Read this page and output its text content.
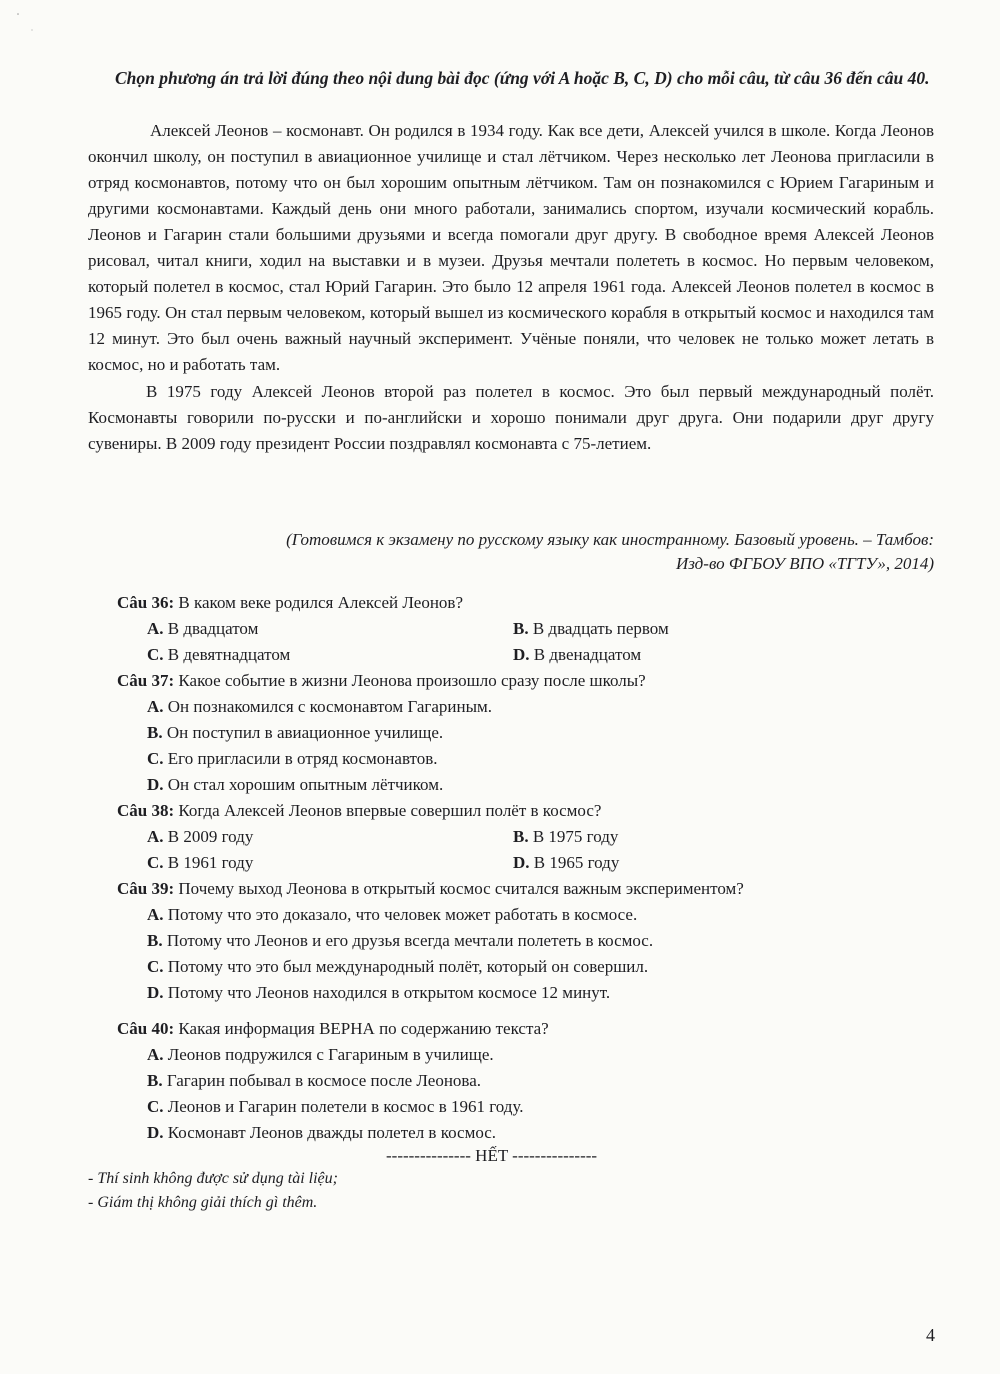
Chọn phương án trả lời đúng theo nội dung bài đọc (ứng với A hoặc B, C, D) cho mỗi câu, từ câu 36 đến câu 40.

Алексей Леонов – космонавт. Он родился в 1934 году. Как все дети, Алексей учился в школе. Когда Леонов окончил школу, он поступил в авиационное училище и стал лётчиком. Через несколько лет Леонова пригласили в отряд космонавтов, потому что он был хорошим опытным лётчиком. Там он познакомился с Юрием Гагариным и другими космонавтами. Каждый день они много работали, занимались спортом, изучали космический корабль. Леонов и Гагарин стали большими друзьями и всегда помогали друг другу. В свободное время Алексей Леонов рисовал, читал книги, ходил на выставки и в музеи. Друзья мечтали полететь в космос. Но первым человеком, который полетел в космос, стал Юрий Гагарин. Это было 12 апреля 1961 года. Алексей Леонов полетел в космос в 1965 году. Он стал первым человеком, который вышел из космического корабля в открытый космос и находился там 12 минут. Это был очень важный научный эксперимент. Учёные поняли, что человек не только может летать в космос, но и работать там.

В 1975 году Алексей Леонов второй раз полетел в космос. Это был первый международный полёт. Космонавты говорили по-русски и по-английски и хорошо понимали друг друга. Они подарили друг другу сувениры. В 2009 году президент России поздравлял космонавта с 75-летием.

(Готовимся к экзамену по русскому языку как иностранному. Базовый уровень. – Тамбов:
Изд-во ФГБОУ ВПО «ТГТУ», 2014)
Câu 36: В каком веке родился Алексей Леонов?
A. В двадцатом	B. В двадцать первом
C. В девятнадцатом	D. В двенадцатом
Câu 37: Какое событие в жизни Леонова произошло сразу после школы?
A. Он познакомился с космонавтом Гагариным.
B. Он поступил в авиационное училище.
C. Его пригласили в отряд космонавтов.
D. Он стал хорошим опытным лётчиком.
Câu 38: Когда Алексей Леонов впервые совершил полёт в космос?
A. В 2009 году	B. В 1975 году
C. В 1961 году	D. В 1965 году
Câu 39: Почему выход Леонова в открытый космос считался важным экспериментом?
A. Потому что это доказало, что человек может работать в космосе.
B. Потому что Леонов и его друзья всегда мечтали полететь в космос.
C. Потому что это был международный полёт, который он совершил.
D. Потому что Леонов находился в открытом космосе 12 минут.
Câu 40: Какая информация ВЕРНА по содержанию текста?
A. Леонов подружился с Гагариным в училище.
B. Гагарин побывал в космосе после Леонова.
C. Леонов и Гагарин полетели в космос в 1961 году.
D. Космонавт Леонов дважды полетел в космос.
--------------- HẾT ---------------
- Thí sinh không được sử dụng tài liệu;
- Giám thị không giải thích gì thêm.
4
